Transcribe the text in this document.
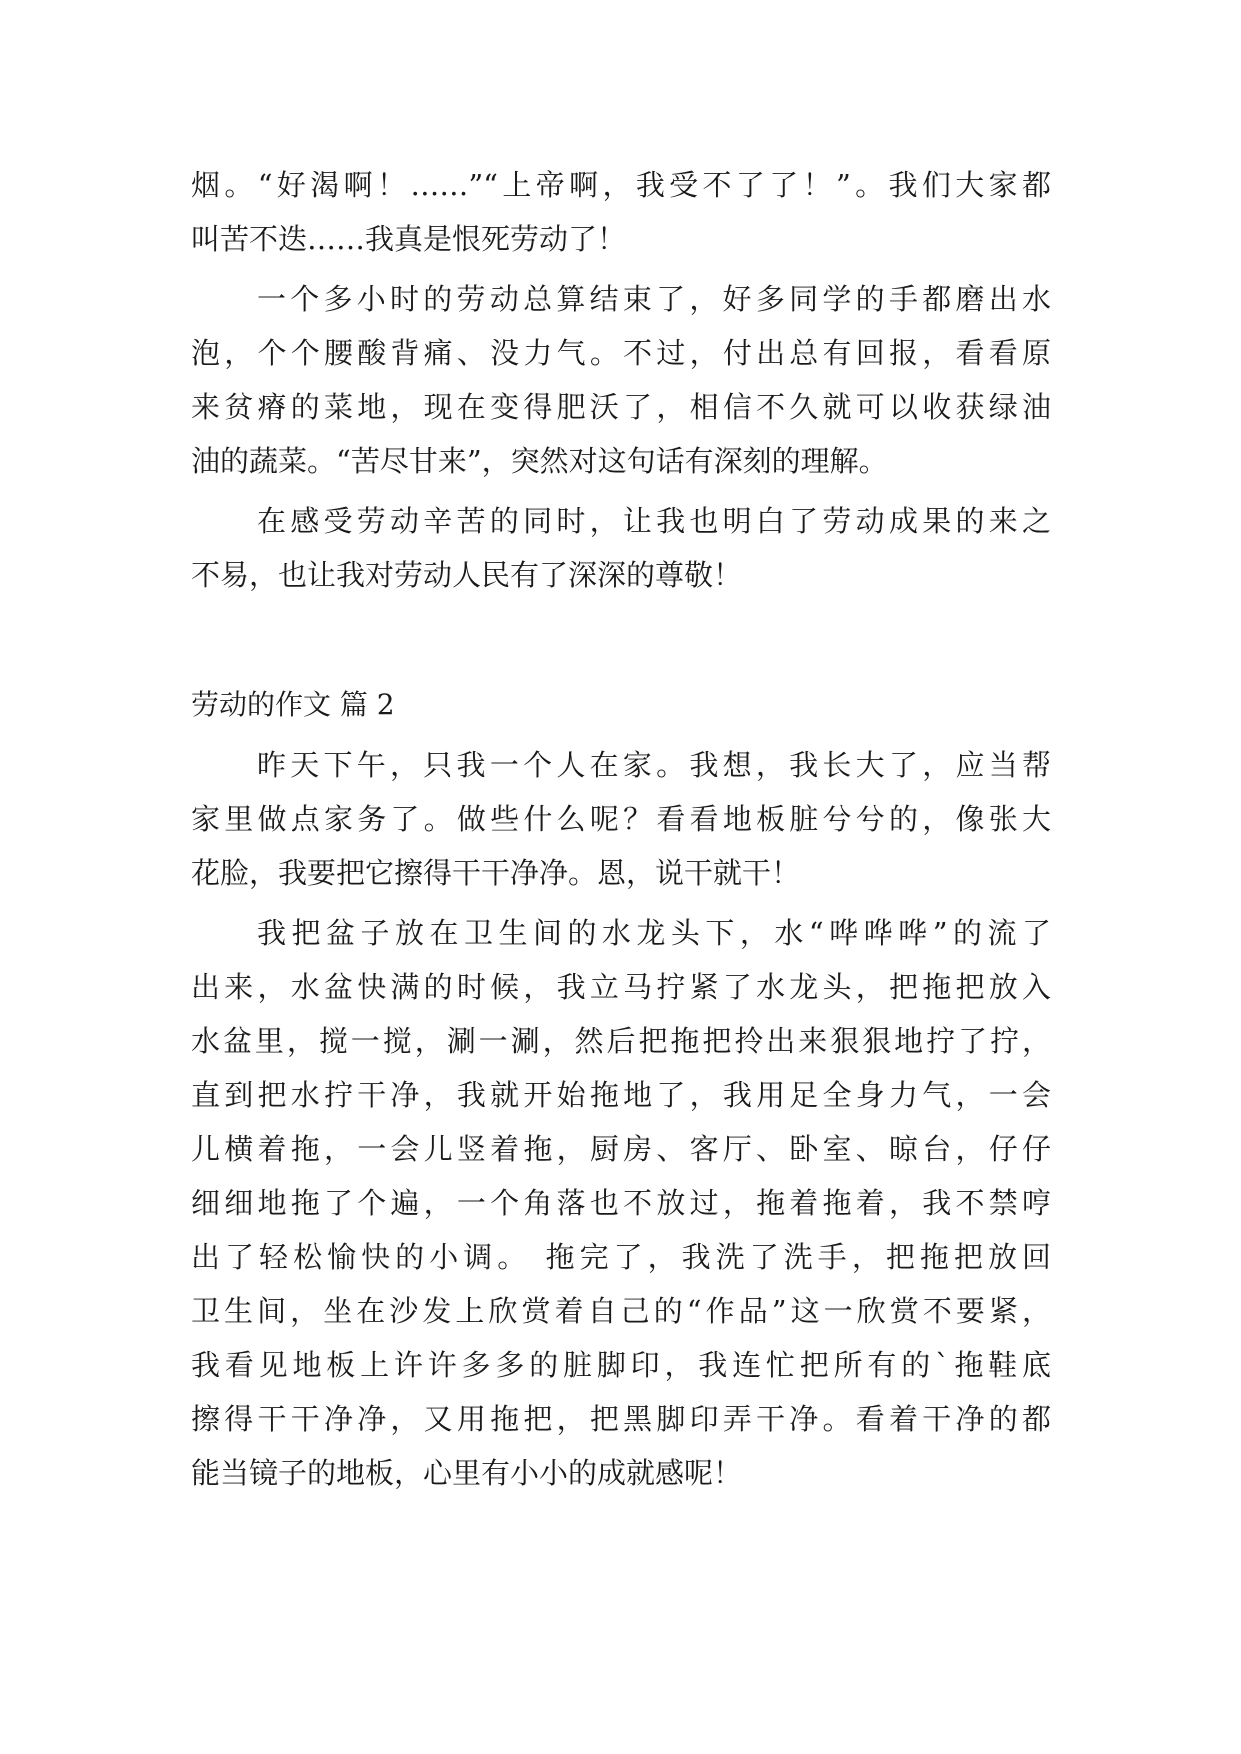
烟。“好渴啊！……”“上帝啊，我受不了了！”。我们大家都
叫苦不迭……我真是恨死劳动了！
一个多小时的劳动总算结束了，好多同学的手都磨出水
泡，个个腰酸背痛、没力气。不过，付出总有回报，看看原
来贫瘠的菜地，现在变得肥沃了，相信不久就可以收获绿油
油的蔬菜。“苦尽甘来”，突然对这句话有深刻的理解。
在感受劳动辛苦的同时，让我也明白了劳动成果的来之
不易，也让我对劳动人民有了深深的尊敬！
劳动的作文 篇 2
昨天下午，只我一个人在家。我想，我长大了，应当帮
家里做点家务了。做些什么呢？看看地板脏兮兮的，像张大
花脸，我要把它擦得干干净净。恩，说干就干！
我把盆子放在卫生间的水龙头下，水“哗哗哗”的流了
出来，水盆快满的时候，我立马拧紧了水龙头，把拖把放入
水盆里，搅一搅，涮一涮，然后把拖把拎出来狠狠地拧了拧，
直到把水拧干净，我就开始拖地了，我用足全身力气，一会
儿横着拖，一会儿竖着拖，厨房、客厅、卧室、晾台，仔仔
细细地拖了个遍，一个角落也不放过，拖着拖着，我不禁哼
出了轻松愉快的小调。 拖完了，我洗了洗手，把拖把放回
卫生间，坐在沙发上欣赏着自己的“作品”这一欣赏不要紧，
我看见地板上许许多多的脏脚印，我连忙把所有的`拖鞋底
擦得干干净净，又用拖把，把黑脚印弄干净。看着干净的都
能当镜子的地板，心里有小小的成就感呢！
